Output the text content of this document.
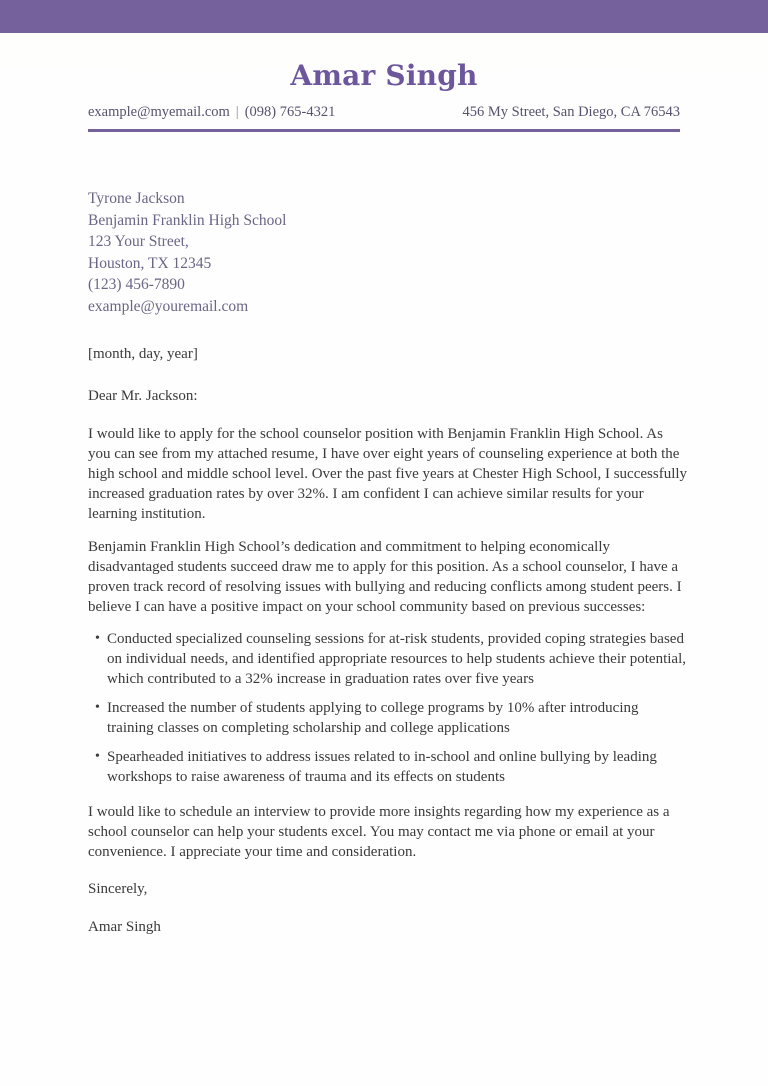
Amar Singh
example@myemail.com | (098) 765-4321	456 My Street, San Diego, CA 76543
Tyrone Jackson
Benjamin Franklin High School
123 Your Street,
Houston, TX 12345
(123) 456-7890
example@youremail.com

[month, day, year]

Dear Mr. Jackson:

I would like to apply for the school counselor position with Benjamin Franklin High School. As you can see from my attached resume, I have over eight years of counseling experience at both the high school and middle school level. Over the past five years at Chester High School, I successfully increased graduation rates by over 32%. I am confident I can achieve similar results for your learning institution.

Benjamin Franklin High School’s dedication and commitment to helping economically disadvantaged students succeed draw me to apply for this position. As a school counselor, I have a proven track record of resolving issues with bullying and reducing conflicts among student peers. I believe I can have a positive impact on your school community based on previous successes:

• Conducted specialized counseling sessions for at-risk students, provided coping strategies based on individual needs, and identified appropriate resources to help students achieve their potential, which contributed to a 32% increase in graduation rates over five years
• Increased the number of students applying to college programs by 10% after introducing training classes on completing scholarship and college applications
• Spearheaded initiatives to address issues related to in-school and online bullying by leading workshops to raise awareness of trauma and its effects on students

I would like to schedule an interview to provide more insights regarding how my experience as a school counselor can help your students excel. You may contact me via phone or email at your convenience. I appreciate your time and consideration.

Sincerely,

Amar Singh
